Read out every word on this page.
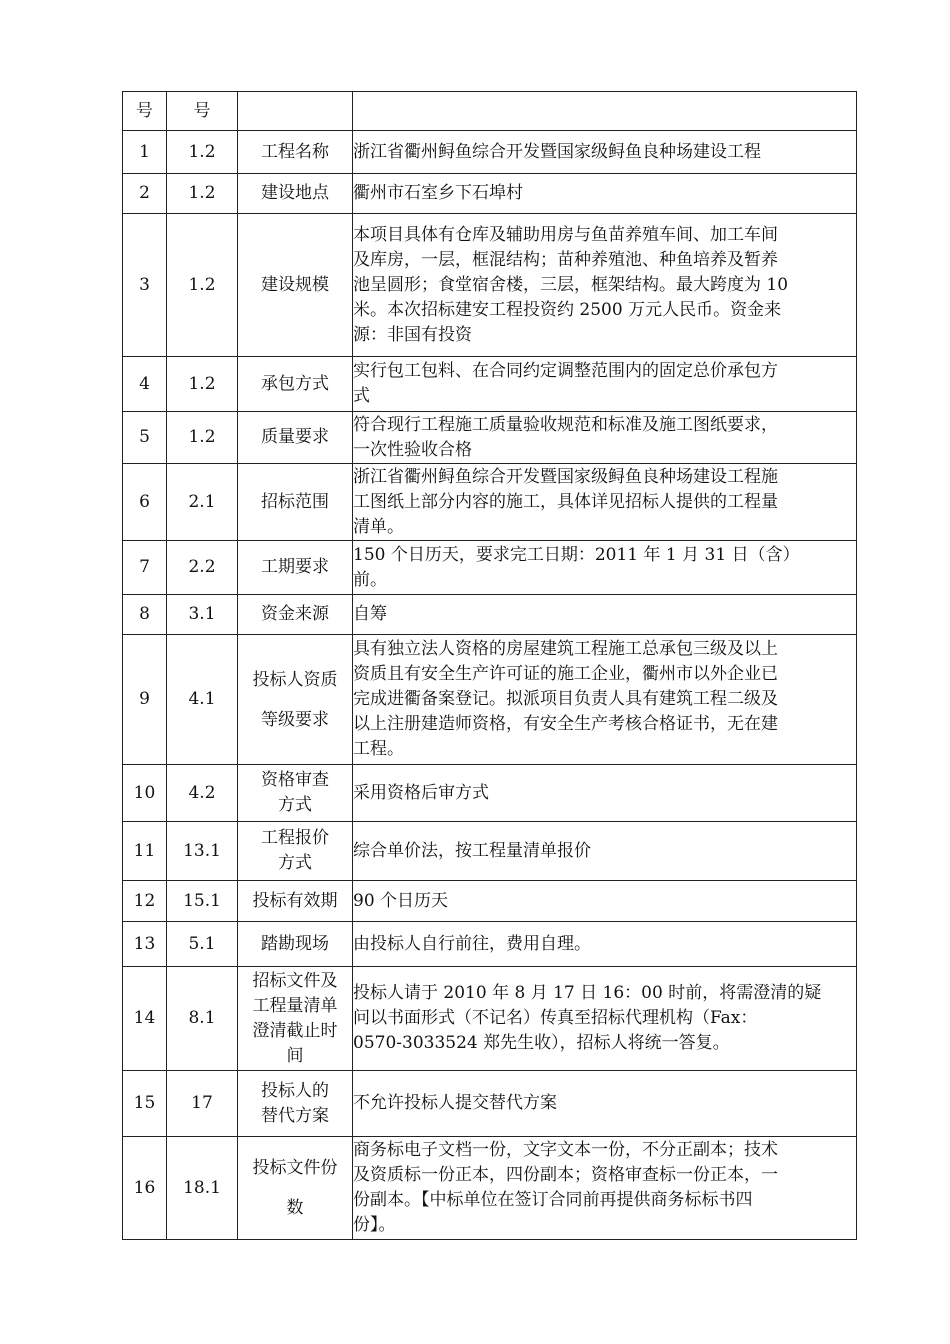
号	号		
1	1.2	工程名称	浙江省衢州鲟鱼综合开发暨国家级鲟鱼良种场建设工程
2	1.2	建设地点	衢州市石室乡下石埠村
3	1.2	建设规模	本项目具体有仓库及辅助用房与鱼苗养殖车间、加工车间
及库房，一层，框混结构；苗种养殖池、种鱼培养及暂养
池呈圆形；食堂宿舍楼，三层，框架结构。最大跨度为 10
米。本次招标建安工程投资约 2500 万元人民币。资金来
源：非国有投资
4	1.2	承包方式	实行包工包料、在合同约定调整范围内的固定总价承包方
式
5	1.2	质量要求	符合现行工程施工质量验收规范和标准及施工图纸要求，
一次性验收合格
6	2.1	招标范围	浙江省衢州鲟鱼综合开发暨国家级鲟鱼良种场建设工程施
工图纸上部分内容的施工，具体详见招标人提供的工程量
清单。
7	2.2	工期要求	150 个日历天，要求完工日期：2011 年 1 月 31 日（含）
前。
8	3.1	资金来源	自筹
9	4.1	投标人资质
等级要求	具有独立法人资格的房屋建筑工程施工总承包三级及以上
资质且有安全生产许可证的施工企业，衢州市以外企业已
完成进衢备案登记。拟派项目负责人具有建筑工程二级及
以上注册建造师资格，有安全生产考核合格证书，无在建
工程。
10	4.2	资格审查
方式	采用资格后审方式
11	13.1	工程报价
方式	综合单价法，按工程量清单报价
12	15.1	投标有效期	90 个日历天
13	5.1	踏勘现场	由投标人自行前往，费用自理。
14	8.1	招标文件及
工程量清单
澄清截止时
间	投标人请于 2010 年 8 月 17 日 16：00 时前，将需澄清的疑
问以书面形式（不记名）传真至招标代理机构（Fax：
0570-3033524 郑先生收），招标人将统一答复。
15	17	投标人的
替代方案	不允许投标人提交替代方案
16	18.1	投标文件份
数	商务标电子文档一份，文字文本一份，不分正副本；技术
及资质标一份正本，四份副本；资格审查标一份正本，一
份副本。【中标单位在签订合同前再提供商务标标书四
份】。
